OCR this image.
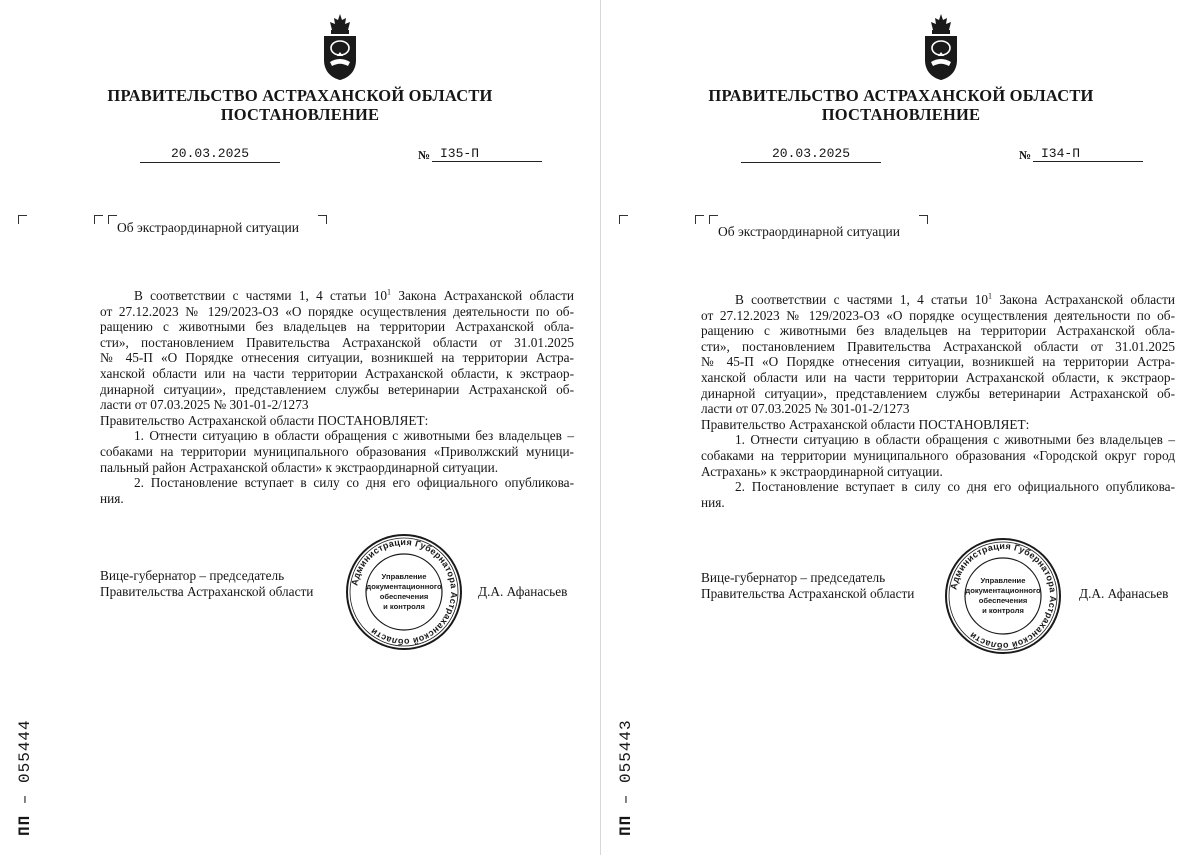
ПРАВИТЕЛЬСТВО АСТРАХАНСКОЙ ОБЛАСТИ
ПОСТАНОВЛЕНИЕ
20.03.2025	№ I35-П
Об экстраординарной ситуации

В соответствии с частями 1, 4 статьи $10^1$ Закона Астраханской области

от 27.12.2023 № 129/2023-ОЗ «О порядке осуществления деятельности по об-

ращению с животными без владельцев на территории Астраханской обла-

сти», постановлением Правительства Астраханской области от 31.01.2025

№ 45-П «О Порядке отнесения ситуации, возникшей на территории Астра-

ханской области или на части территории Астраханской области, к экстраор-

динарной ситуации», представлением службы ветеринарии Астраханской об-

ласти от 07.03.2025 № 301-01-2/1273

Правительство Астраханской области ПОСТАНОВЛЯЕТ:

1. Отнести ситуацию в области обращения с животными без владельцев –

собаками на территории муниципального образования «Приволжский муници-

пальный район Астраханской области» к экстраординарной ситуации.

2. Постановление вступает в силу со дня его официального опубликова-

ния.

Вице-губернатор – председатель
Правительства Астраханской области	Д.А. Афанасьев
Администрация Губернатора Астраханской области
Управление
документационного
обеспечения
и контроля
ПП – 055444
ПРАВИТЕЛЬСТВО АСТРАХАНСКОЙ ОБЛАСТИ
ПОСТАНОВЛЕНИЕ
20.03.2025	№ I34-П
Об экстраординарной ситуации

В соответствии с частями 1, 4 статьи $10^1$ Закона Астраханской области

от 27.12.2023 № 129/2023-ОЗ «О порядке осуществления деятельности по об-

ращению с животными без владельцев на территории Астраханской обла-

сти», постановлением Правительства Астраханской области от 31.01.2025

№ 45-П «О Порядке отнесения ситуации, возникшей на территории Астра-

ханской области или на части территории Астраханской области, к экстраор-

динарной ситуации», представлением службы ветеринарии Астраханской об-

ласти от 07.03.2025 № 301-01-2/1273

Правительство Астраханской области ПОСТАНОВЛЯЕТ:

1. Отнести ситуацию в области обращения с животными без владельцев –

собаками на территории муниципального образования «Городской округ город

Астрахань» к экстраординарной ситуации.

2. Постановление вступает в силу со дня его официального опубликова-

ния.

Вице-губернатор – председатель
Правительства Астраханской области	Д.А. Афанасьев
Администрация Губернатора Астраханской области
Управление
документационного
обеспечения
и контроля
ПП – 055443
